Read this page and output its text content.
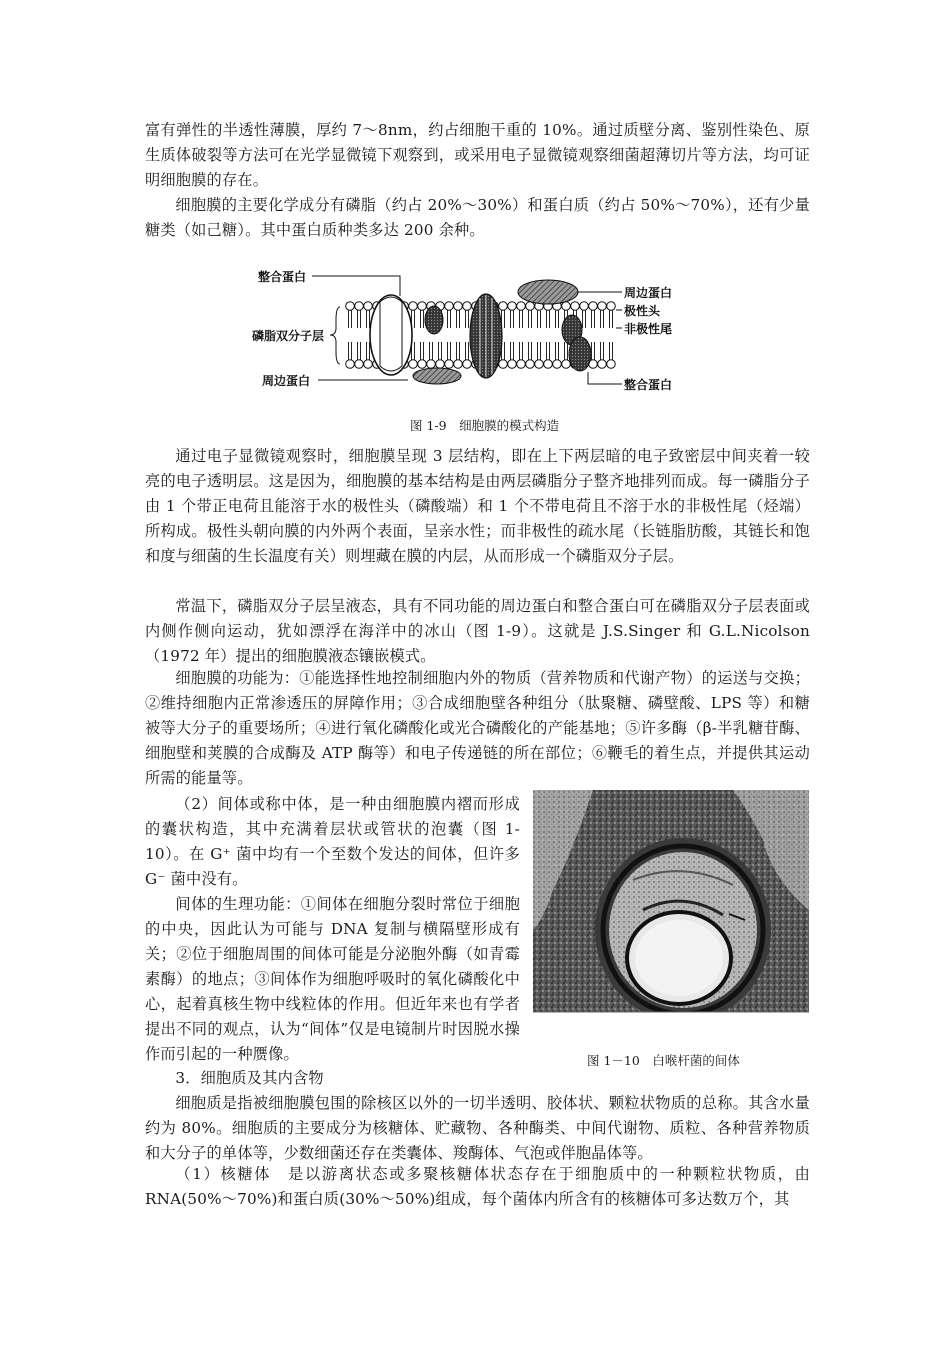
富有弹性的半透性薄膜，厚约 7～8nm，约占细胞干重的 10%。通过质壁分离、鉴别性染色、原生质体破裂等方法可在光学显微镜下观察到，或采用电子显微镜观察细菌超薄切片等方法，均可证明细胞膜的存在。

细胞膜的主要化学成分有磷脂（约占 20%～30%）和蛋白质（约占 50%～70%），还有少量糖类（如己糖）。其中蛋白质种类多达 200 余种。

整合蛋白
磷脂双分子层
周边蛋白
周边蛋白
极性头
非极性尾
整合蛋白
图 1-9　细胞膜的模式构造

通过电子显微镜观察时，细胞膜呈现 3 层结构，即在上下两层暗的电子致密层中间夹着一较亮的电子透明层。这是因为，细胞膜的基本结构是由两层磷脂分子整齐地排列而成。每一磷脂分子由 1 个带正电荷且能溶于水的极性头（磷酸端）和 1 个不带电荷且不溶于水的非极性尾（烃端）所构成。极性头朝向膜的内外两个表面，呈亲水性；而非极性的疏水尾（长链脂肪酸，其链长和饱和度与细菌的生长温度有关）则埋藏在膜的内层，从而形成一个磷脂双分子层。

常温下，磷脂双分子层呈液态，具有不同功能的周边蛋白和整合蛋白可在磷脂双分子层表面或内侧作侧向运动，犹如漂浮在海洋中的冰山（图 1-9）。这就是 J.S.Singer 和 G.L.Nicolson（1972 年）提出的细胞膜液态镶嵌模式。

细胞膜的功能为：①能选择性地控制细胞内外的物质（营养物质和代谢产物）的运送与交换；②维持细胞内正常渗透压的屏障作用；③合成细胞壁各种组分（肽聚糖、磷壁酸、LPS 等）和糖被等大分子的重要场所；④进行氧化磷酸化或光合磷酸化的产能基地；⑤许多酶（β-半乳糖苷酶、细胞壁和荚膜的合成酶及 ATP 酶等）和电子传递链的所在部位；⑥鞭毛的着生点，并提供其运动所需的能量等。

（2）间体或称中体，是一种由细胞膜内褶而形成的囊状构造，其中充满着层状或管状的泡囊（图 1-10）。在 G⁺ 菌中均有一个至数个发达的间体，但许多 G⁻ 菌中没有。

间体的生理功能：①间体在细胞分裂时常位于细胞的中央，因此认为可能与 DNA 复制与横隔壁形成有关；②位于细胞周围的间体可能是分泌胞外酶（如青霉素酶）的地点；③间体作为细胞呼吸时的氧化磷酸化中心，起着真核生物中线粒体的作用。但近年来也有学者提出不同的观点，认为“间体”仅是电镜制片时因脱水操作而引起的一种赝像。	图 1－10　白喉杆菌的间体

3．细胞质及其内含物

细胞质是指被细胞膜包围的除核区以外的一切半透明、胶体状、颗粒状物质的总称。其含水量约为 80%。细胞质的主要成分为核糖体、贮藏物、各种酶类、中间代谢物、质粒、各种营养物质和大分子的单体等，少数细菌还存在类囊体、羧酶体、气泡或伴胞晶体等。

（1）核糖体　是以游离状态或多聚核糖体状态存在于细胞质中的一种颗粒状物质，由 RNA(50%～70%)和蛋白质(30%～50%)组成，每个菌体内所含有的核糖体可多达数万个，其
